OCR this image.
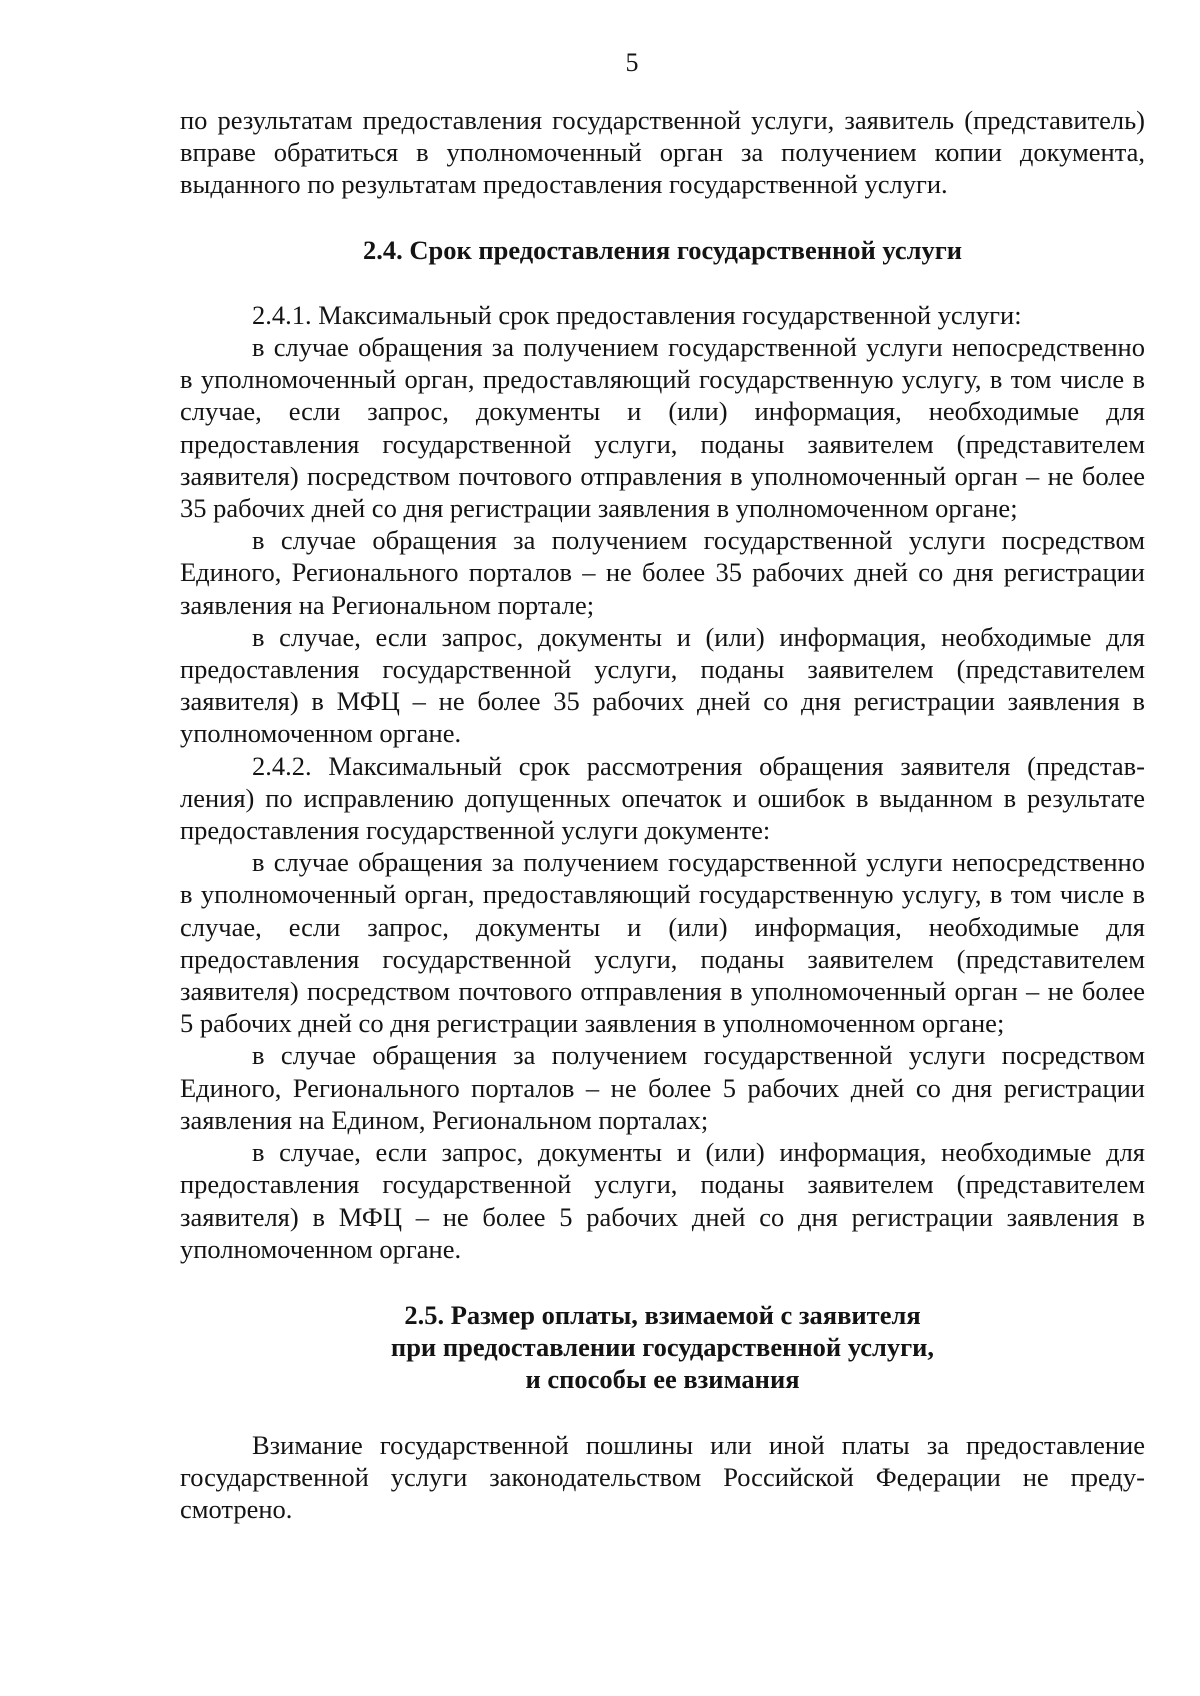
5

по результатам предоставления государственной услуги, заявитель (представитель) вправе обратиться в уполномоченный орган за получением копии документа, выданного по результатам предоставления государственной услуги.

2.4. Срок предоставления государственной услуги

2.4.1. Максимальный срок предоставления государственной услуги:

в случае обращения за получением государственной услуги непосредственно в уполномоченный орган, предоставляющий государственную услугу, в том числе в случае, если запрос, документы и (или) информация, необходимые для предоставления государственной услуги, поданы заявителем (представителем заявителя) посредством почтового отправления в уполномоченный орган – не более 35 рабочих дней со дня регистрации заявления в уполномоченном органе;

в случае обращения за получением государственной услуги посредством Единого, Регионального порталов – не более 35 рабочих дней со дня регистрации заявления на Региональном портале;

в случае, если запрос, документы и (или) информация, необходимые для предоставления государственной услуги, поданы заявителем (представителем заявителя) в МФЦ – не более 35 рабочих дней со дня регистрации заявления в уполномоченном органе.

2.4.2. Максимальный срок рассмотрения обращения заявителя (представления) по исправлению допущенных опечаток и ошибок в выданном в результате предоставления государственной услуги документе:

в случае обращения за получением государственной услуги непосредственно в уполномоченный орган, предоставляющий государственную услугу, в том числе в случае, если запрос, документы и (или) информация, необходимые для предоставления государственной услуги, поданы заявителем (представителем заявителя) посредством почтового отправления в уполномоченный орган – не более 5 рабочих дней со дня регистрации заявления в уполномоченном органе;

в случае обращения за получением государственной услуги посредством Единого, Регионального порталов – не более 5 рабочих дней со дня регистрации заявления на Едином, Региональном порталах;

в случае, если запрос, документы и (или) информация, необходимые для предоставления государственной услуги, поданы заявителем (представителем заявителя) в МФЦ – не более 5 рабочих дней со дня регистрации заявления в уполномоченном органе.

2.5. Размер оплаты, взимаемой с заявителя
при предоставлении государственной услуги,
и способы ее взимания

Взимание государственной пошлины или иной платы за предоставление государственной услуги законодательством Российской Федерации не предусмотрено.
